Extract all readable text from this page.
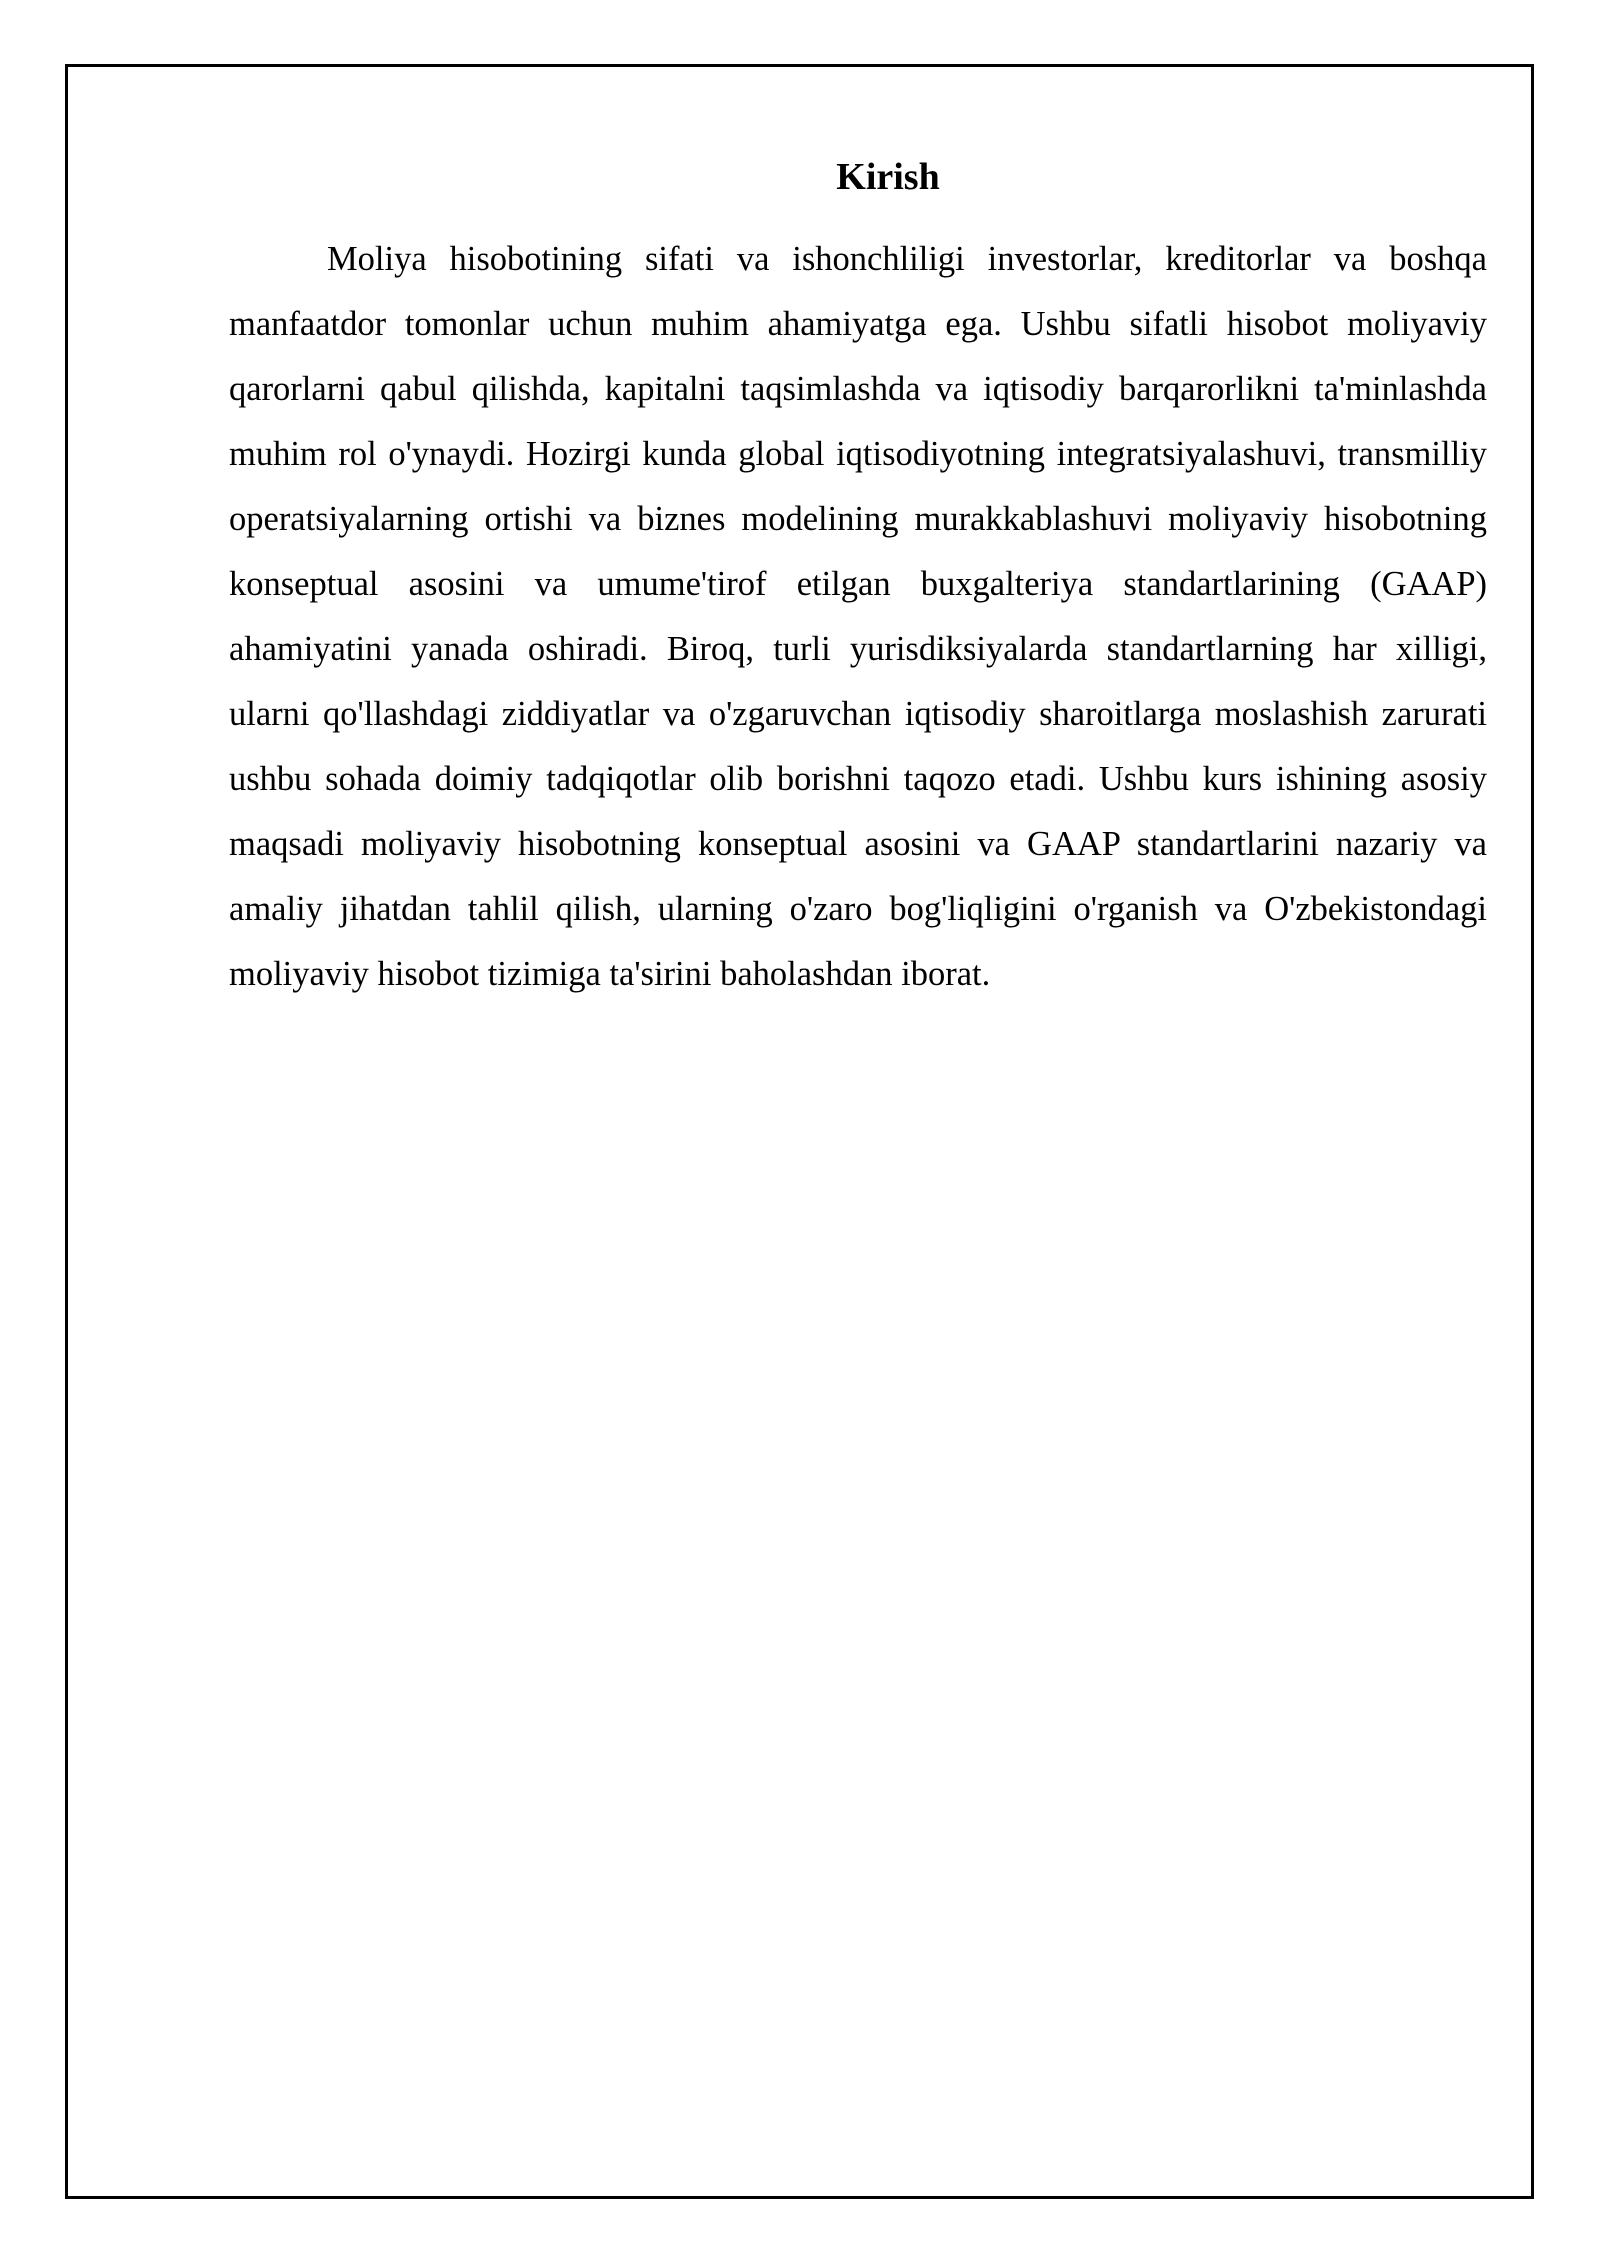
Kirish

Moliya hisobotining sifati va ishonchliligi investorlar, kreditorlar va boshqa manfaatdor tomonlar uchun muhim ahamiyatga ega. Ushbu sifatli hisobot moliyaviy qarorlarni qabul qilishda, kapitalni taqsimlashda va iqtisodiy barqarorlikni ta'minlashda muhim rol o'ynaydi. Hozirgi kunda global iqtisodiyotning integratsiyalashuvi, transmilliy operatsiyalarning ortishi va biznes modelining murakkablashuvi moliyaviy hisobotning konseptual asosini va umume'tirof etilgan buxgalteriya standartlarining (GAAP) ahamiyatini yanada oshiradi. Biroq, turli yurisdiksiyalarda standartlarning har xilligi, ularni qo'llashdagi ziddiyatlar va o'zgaruvchan iqtisodiy sharoitlarga moslashish zarurati ushbu sohada doimiy tadqiqotlar olib borishni taqozo etadi. Ushbu kurs ishining asosiy maqsadi moliyaviy hisobotning konseptual asosini va GAAP standartlarini nazariy va amaliy jihatdan tahlil qilish, ularning o'zaro bog'liqligini o'rganish va O'zbekistondagi moliyaviy hisobot tizimiga ta'sirini baholashdan iborat.
